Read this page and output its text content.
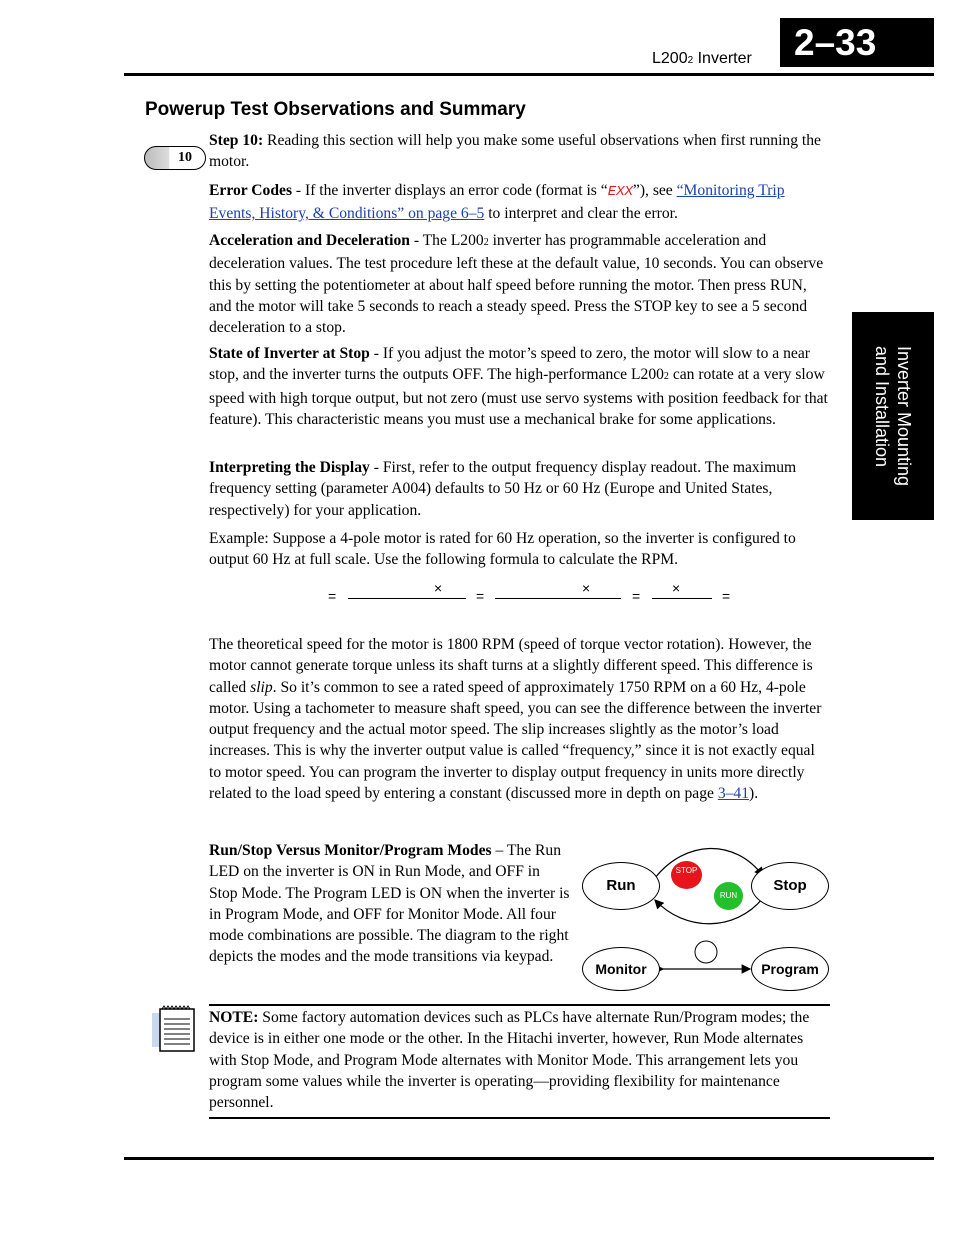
L2002 Inverter	2–33
Inverter Mounting
and Installation
Powerup Test Observations and Summary
10
Step 10: Reading this section will help you make some useful observations when first running the motor.
Error Codes - If the inverter displays an error code (format is “EXX”), see “Monitoring Trip Events, History, & Conditions” on page 6–5 to interpret and clear the error.
Acceleration and Deceleration - The L2002 inverter has programmable acceleration and deceleration values. The test procedure left these at the default value, 10 seconds. You can observe this by setting the potentiometer at about half speed before running the motor. Then press RUN, and the motor will take 5 seconds to reach a steady speed. Press the STOP key to see a 5 second deceleration to a stop.
State of Inverter at Stop - If you adjust the motor’s speed to zero, the motor will slow to a near stop, and the inverter turns the outputs OFF. The high-performance L2002 can rotate at a very slow speed with high torque output, but not zero (must use servo systems with position feedback for that feature). This characteristic means you must use a mechanical brake for some applications.
Interpreting the Display - First, refer to the output frequency display readout. The maximum frequency setting (parameter A004) defaults to 50 Hz or 60 Hz (Europe and United States, respectively) for your application.
Example: Suppose a 4-pole motor is rated for 60 Hz operation, so the inverter is configured to output 60 Hz at full scale. Use the following formula to calculate the RPM.
=	× =	×	= ×	=
The theoretical speed for the motor is 1800 RPM (speed of torque vector rotation). However, the motor cannot generate torque unless its shaft turns at a slightly different speed. This difference is called slip. So it’s common to see a rated speed of approximately 1750 RPM on a 60 Hz, 4-pole motor. Using a tachometer to measure shaft speed, you can see the difference between the inverter output frequency and the actual motor speed. The slip increases slightly as the motor’s load increases. This is why the inverter output value is called “frequency,” since it is not exactly equal to motor speed. You can program the inverter to display output frequency in units more directly related to the load speed by entering a constant (discussed more in depth on page 3–41).
Run/Stop Versus Monitor/Program Modes – The Run LED on the inverter is ON in Run Mode, and OFF in Stop Mode. The Program LED is ON when the inverter is in Program Mode, and OFF for Monitor Mode. All four mode combinations are possible. The diagram to the right depicts the modes and the mode transitions via keypad.
Run	Stop
Monitor	Program
STOP
RUN
NOTE: Some factory automation devices such as PLCs have alternate Run/Program modes; the device is in either one mode or the other. In the Hitachi inverter, however, Run Mode alternates with Stop Mode, and Program Mode alternates with Monitor Mode. This arrangement lets you program some values while the inverter is operating—providing flexibility for maintenance personnel.
